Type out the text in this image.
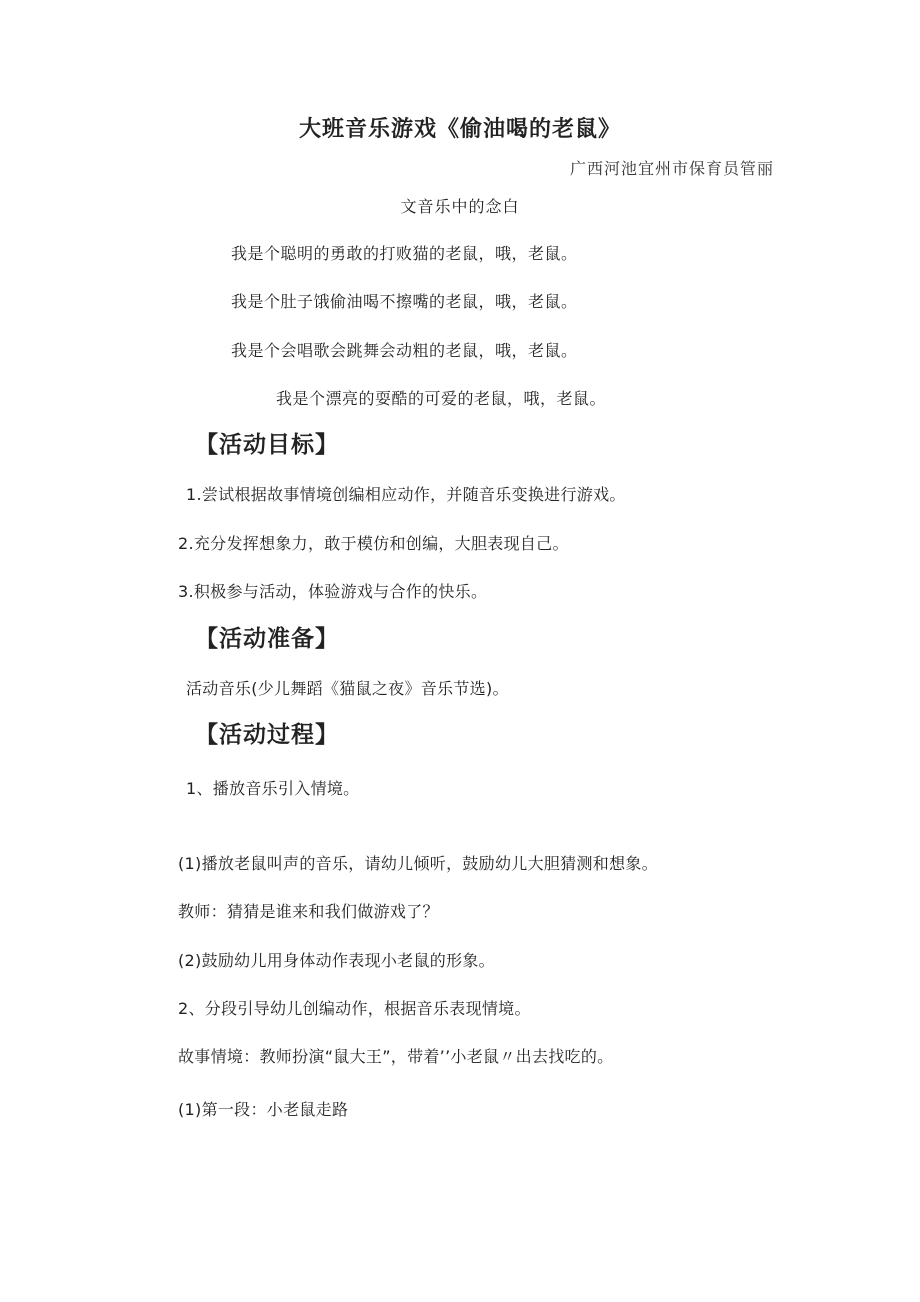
大班音乐游戏《偷油喝的老鼠》

广西河池宜州市保育员管丽

文音乐中的念白

我是个聪明的勇敢的打败猫的老鼠，哦，老鼠。

我是个肚子饿偷油喝不擦嘴的老鼠，哦，老鼠。

我是个会唱歌会跳舞会动粗的老鼠，哦，老鼠。

我是个漂亮的耍酷的可爱的老鼠，哦，老鼠。

【活动目标】

1.尝试根据故事情境创编相应动作，并随音乐变换进行游戏。

2.充分发挥想象力，敢于模仿和创编，大胆表现自己。

3.积极参与活动，体验游戏与合作的快乐。

【活动准备】

活动音乐(少儿舞蹈《猫鼠之夜》音乐节选)。

【活动过程】

1、播放音乐引入情境。

(1)播放老鼠叫声的音乐，请幼儿倾听，鼓励幼儿大胆猜测和想象。

教师：猜猜是谁来和我们做游戏了？

(2)鼓励幼儿用身体动作表现小老鼠的形象。

2、分段引导幼儿创编动作，根据音乐表现情境。

故事情境：教师扮演“鼠大王”，带着’’小老鼠〃出去找吃的。

(1)第一段：小老鼠走路
